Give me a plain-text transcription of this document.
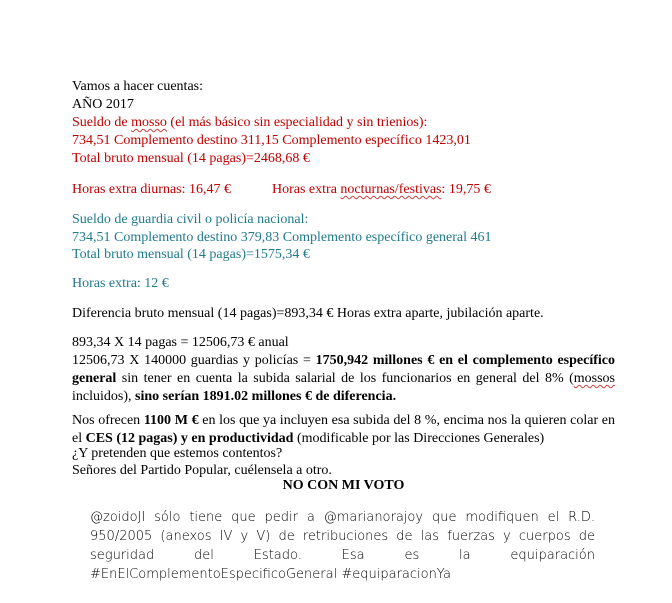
Vamos a hacer cuentas:
AÑO 2017
Sueldo de mosso (el más básico sin especialidad y sin trienios):
734,51 Complemento destino 311,15 Complemento específico 1423,01
Total bruto mensual (14 pagas)=2468,68 €
Horas extra diurnas: 16,47 €	Horas extra nocturnas/festivas: 19,75 €
Sueldo de guardia civil o policía nacional:
734,51 Complemento destino 379,83 Complemento específico general 461
Total bruto mensual (14 pagas)=1575,34 €
Horas extra: 12 €
Diferencia bruto mensual (14 pagas)=893,34 € Horas extra aparte, jubilación aparte.
893,34 X 14 pagas = 12506,73 € anual
12506,73 X 140000 guardias y policías = 1750,942 millones € en el complemento específico general sin tener en cuenta la subida salarial de los funcionarios en general del 8% (mossos incluidos), sino serían 1891.02 millones € de diferencia.
Nos ofrecen 1100 M € en los que ya incluyen esa subida del 8 %, encima nos la quieren colar en el CES (12 pagas) y en productividad (modificable por las Direcciones Generales)
¿Y pretenden que estemos contentos?
Señores del Partido Popular, cuélensela a otro.
NO CON MI VOTO
@zoidoJI sólo tiene que pedir a @marianorajoy que modifiquen el R.D. 950/2005 (anexos IV y V) de retribuciones de las fuerzas y cuerpos de seguridad del Estado. Esa es la equiparación #EnElComplementoEspecificoGeneral #equiparacionYa
